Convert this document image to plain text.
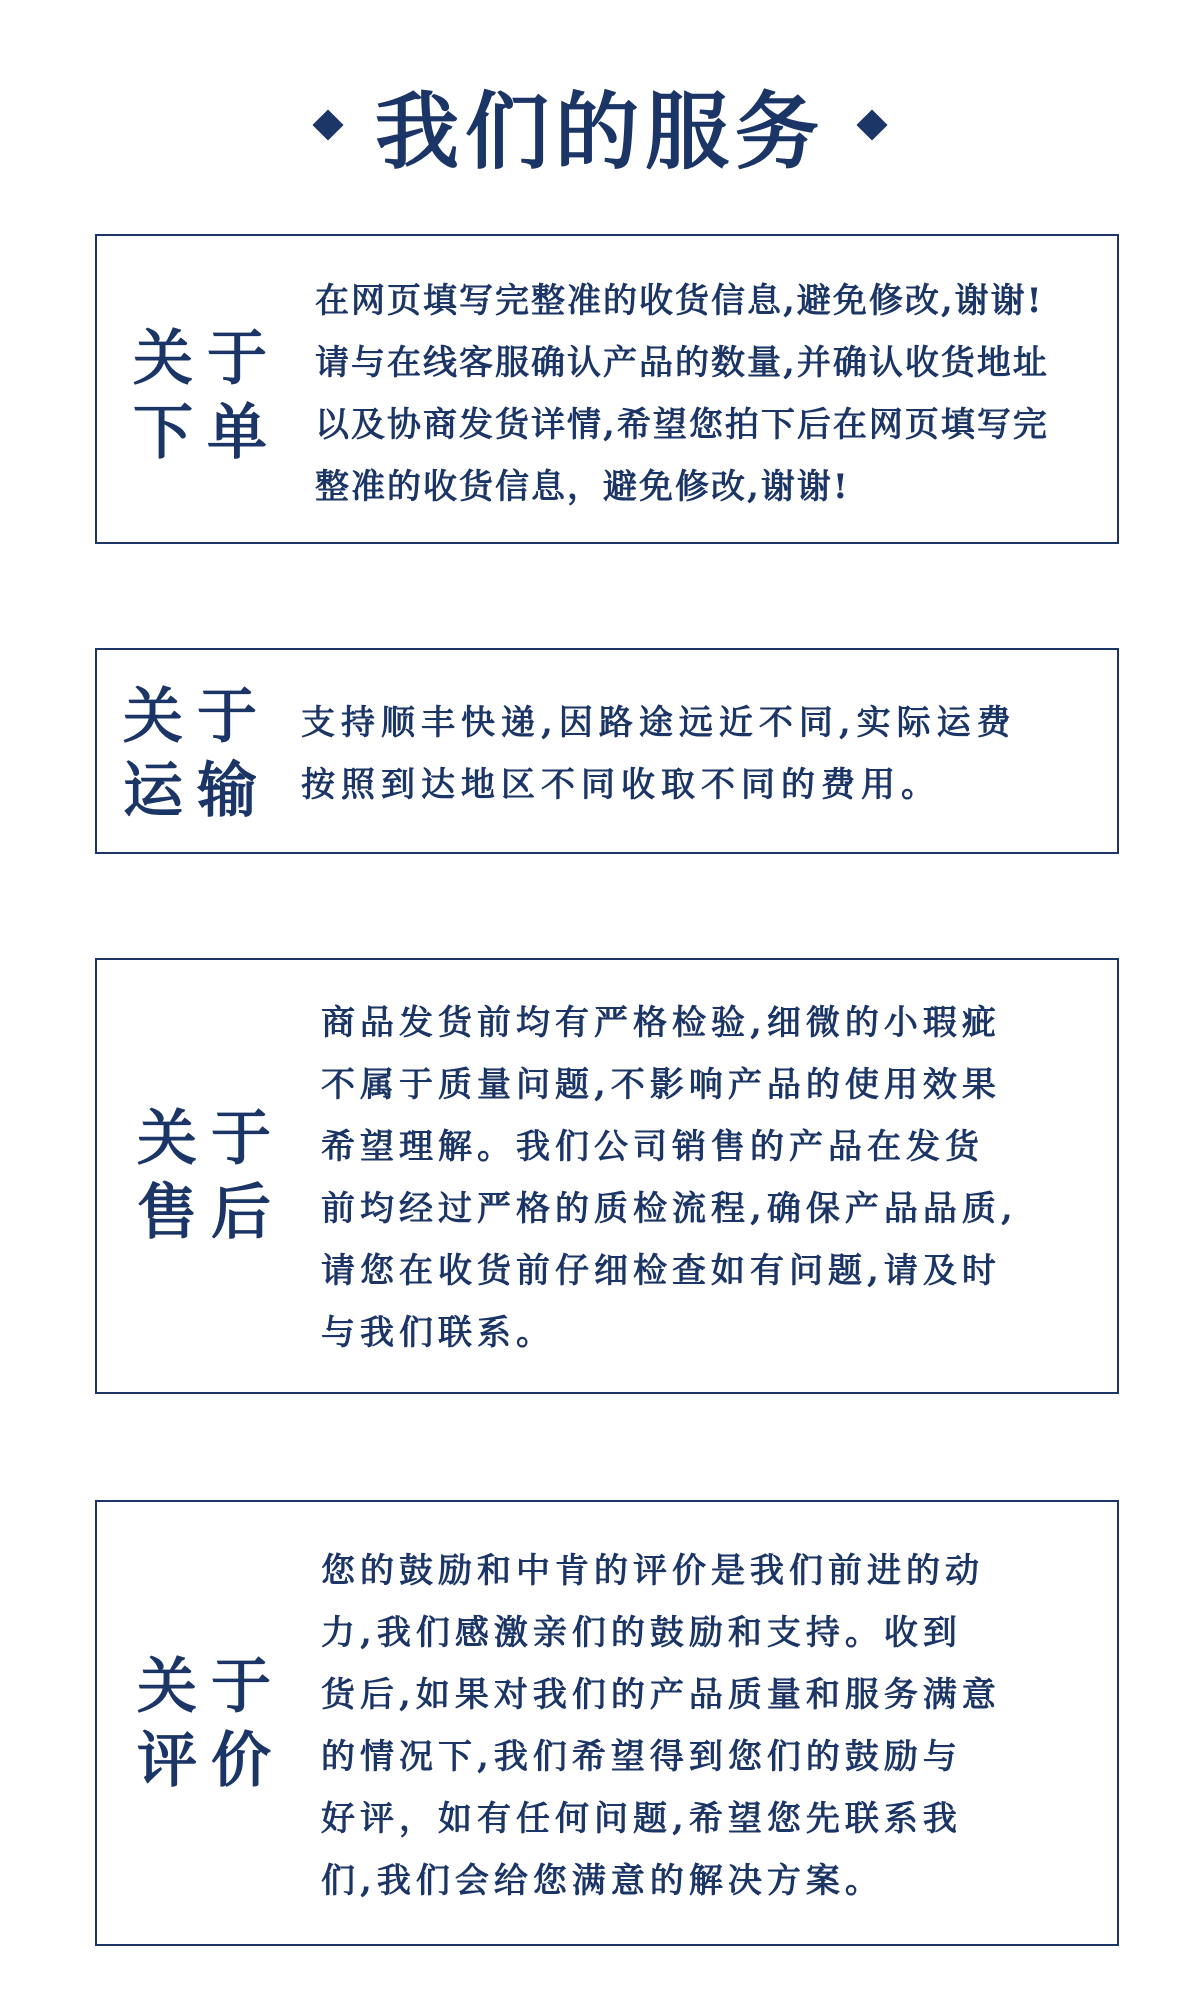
我们的服务
关于
下单
在网页填写完整准的收货信息,避免修改,谢谢!
请与在线客服确认产品的数量,并确认收货地址
以及协商发货详情,希望您拍下后在网页填写完
整准的收货信息，避免修改,谢谢!
关于
运输
支持顺丰快递,因路途远近不同,实际运费
按照到达地区不同收取不同的费用。
关于
售后
商品发货前均有严格检验,细微的小瑕疵
不属于质量问题,不影响产品的使用效果
希望理解。我们公司销售的产品在发货
前均经过严格的质检流程,确保产品品质,
请您在收货前仔细检查如有问题,请及时
与我们联系。
关于
评价
您的鼓励和中肯的评价是我们前进的动
力,我们感激亲们的鼓励和支持。收到
货后,如果对我们的产品质量和服务满意
的情况下,我们希望得到您们的鼓励与
好评，如有任何问题,希望您先联系我
们,我们会给您满意的解决方案。
